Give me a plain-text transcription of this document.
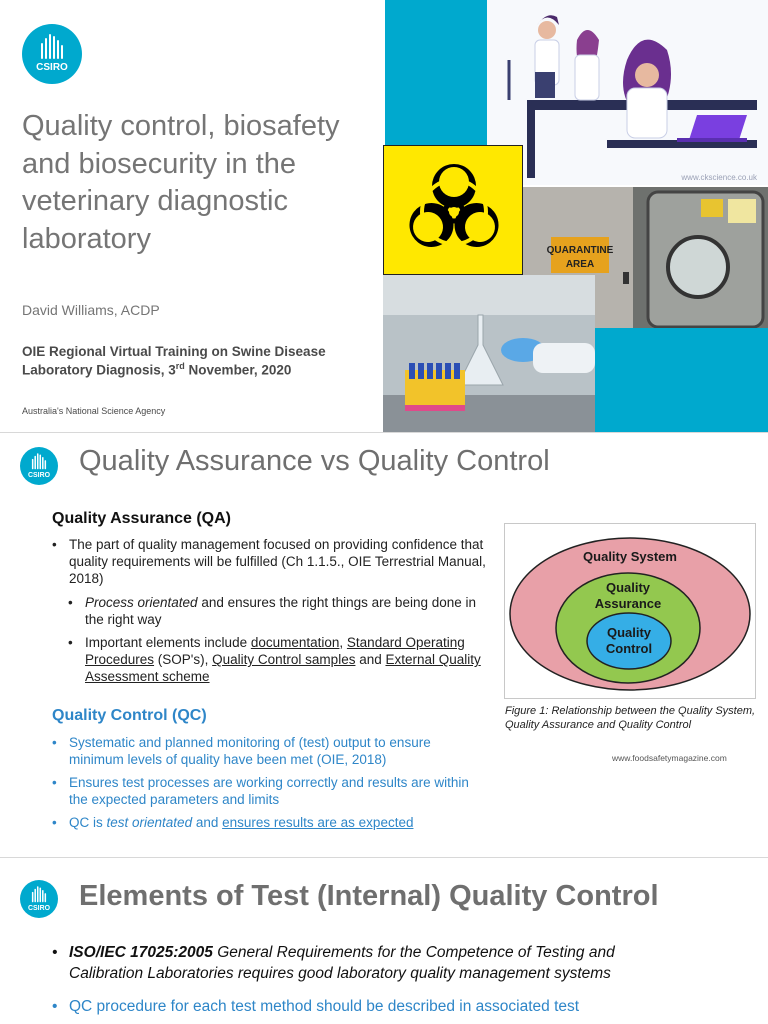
CSIRO
Quality control, biosafety and biosecurity in the veterinary diagnostic laboratory
David Williams, ACDP
OIE Regional Virtual Training on Swine Disease
Laboratory Diagnosis, 3rd November, 2020
Australia's National Science Agency
www.ckscience.co.uk
QUARANTINE
AREA
CSIRO Quality Assurance vs Quality Control
Quality Assurance (QA)
• The part of quality management focused on providing confidence that quality requirements will be fulfilled (Ch 1.1.5., OIE Terrestrial Manual, 2018)
• Process orientated and ensures the right things are being done in the right way
• Important elements include documentation, Standard Operating Procedures (SOP's), Quality Control samples and External Quality Assessment scheme
Quality Control (QC)
• Systematic and planned monitoring of (test) output to ensure minimum levels of quality have been met (OIE, 2018)
• Ensures test processes are working correctly and results are within the expected parameters and limits
• QC is test orientated and ensures results are as expected
Quality System
Quality
Assurance
Quality
Control
Figure 1: Relationship between the Quality System, Quality Assurance and Quality Control
www.foodsafetymagazine.com
CSIRO Elements of Test (Internal) Quality Control
• ISO/IEC 17025:2005 General Requirements for the Competence of Testing and Calibration Laboratories requires good laboratory quality management systems
• QC procedure for each test method should be described in associated test
